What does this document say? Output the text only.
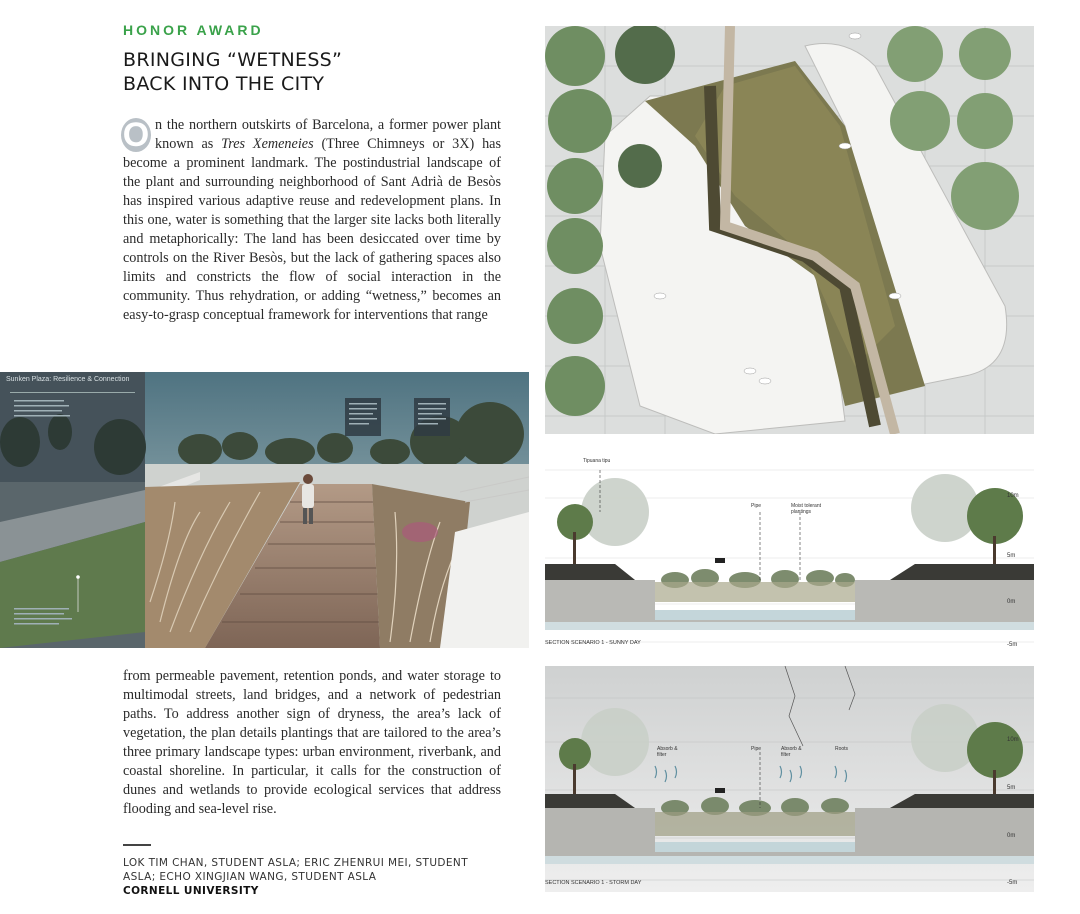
HONOR AWARD
BRINGING “WETNESS”
BACK INTO THE CITY
O n the northern outskirts of Barcelona, a former power plant known as Tres Xemeneies (Three Chimneys or 3X) has become a prominent landmark. The postindustrial landscape of the plant and surrounding neighborhood of Sant Adrià de Besòs has inspired various adaptive reuse and redevelopment plans. In this one, water is something that the larger site lacks both literally and metaphorically: The land has been desiccated over time by controls on the River Besòs, but the lack of gathering spaces also limits and constricts the flow of social interaction in the community. Thus rehydration, or adding “wetness,” becomes an easy-to-grasp conceptual framework for interventions that range
from permeable pavement, retention ponds, and water storage to multimodal streets, land bridges, and a network of pedestrian paths. To address another sign of dryness, the area’s lack of vegetation, the plan details plantings that are tailored to the area’s three primary landscape types: urban environment, riverbank, and coastal shoreline. In particular, it calls for the construction of dunes and wetlands to provide ecological services that address flooding and sea-level rise.
LOK TIM CHAN, STUDENT ASLA; ERIC ZHENRUI MEI, STUDENT
ASLA; ECHO XINGJIAN WANG, STUDENT ASLA
CORNELL UNIVERSITY
Sunken Plaza: Resilience & Connection
Tipuana tipu
Pipe	Moist tolerant plantings
10m
5m
0m
-5m
SECTION SCENARIO 1 - SUNNY DAY
Absorb & filter
Pipe	Absorb & filter
Roots
10m
5m
0m
-5m
SECTION SCENARIO 1 - STORM DAY
